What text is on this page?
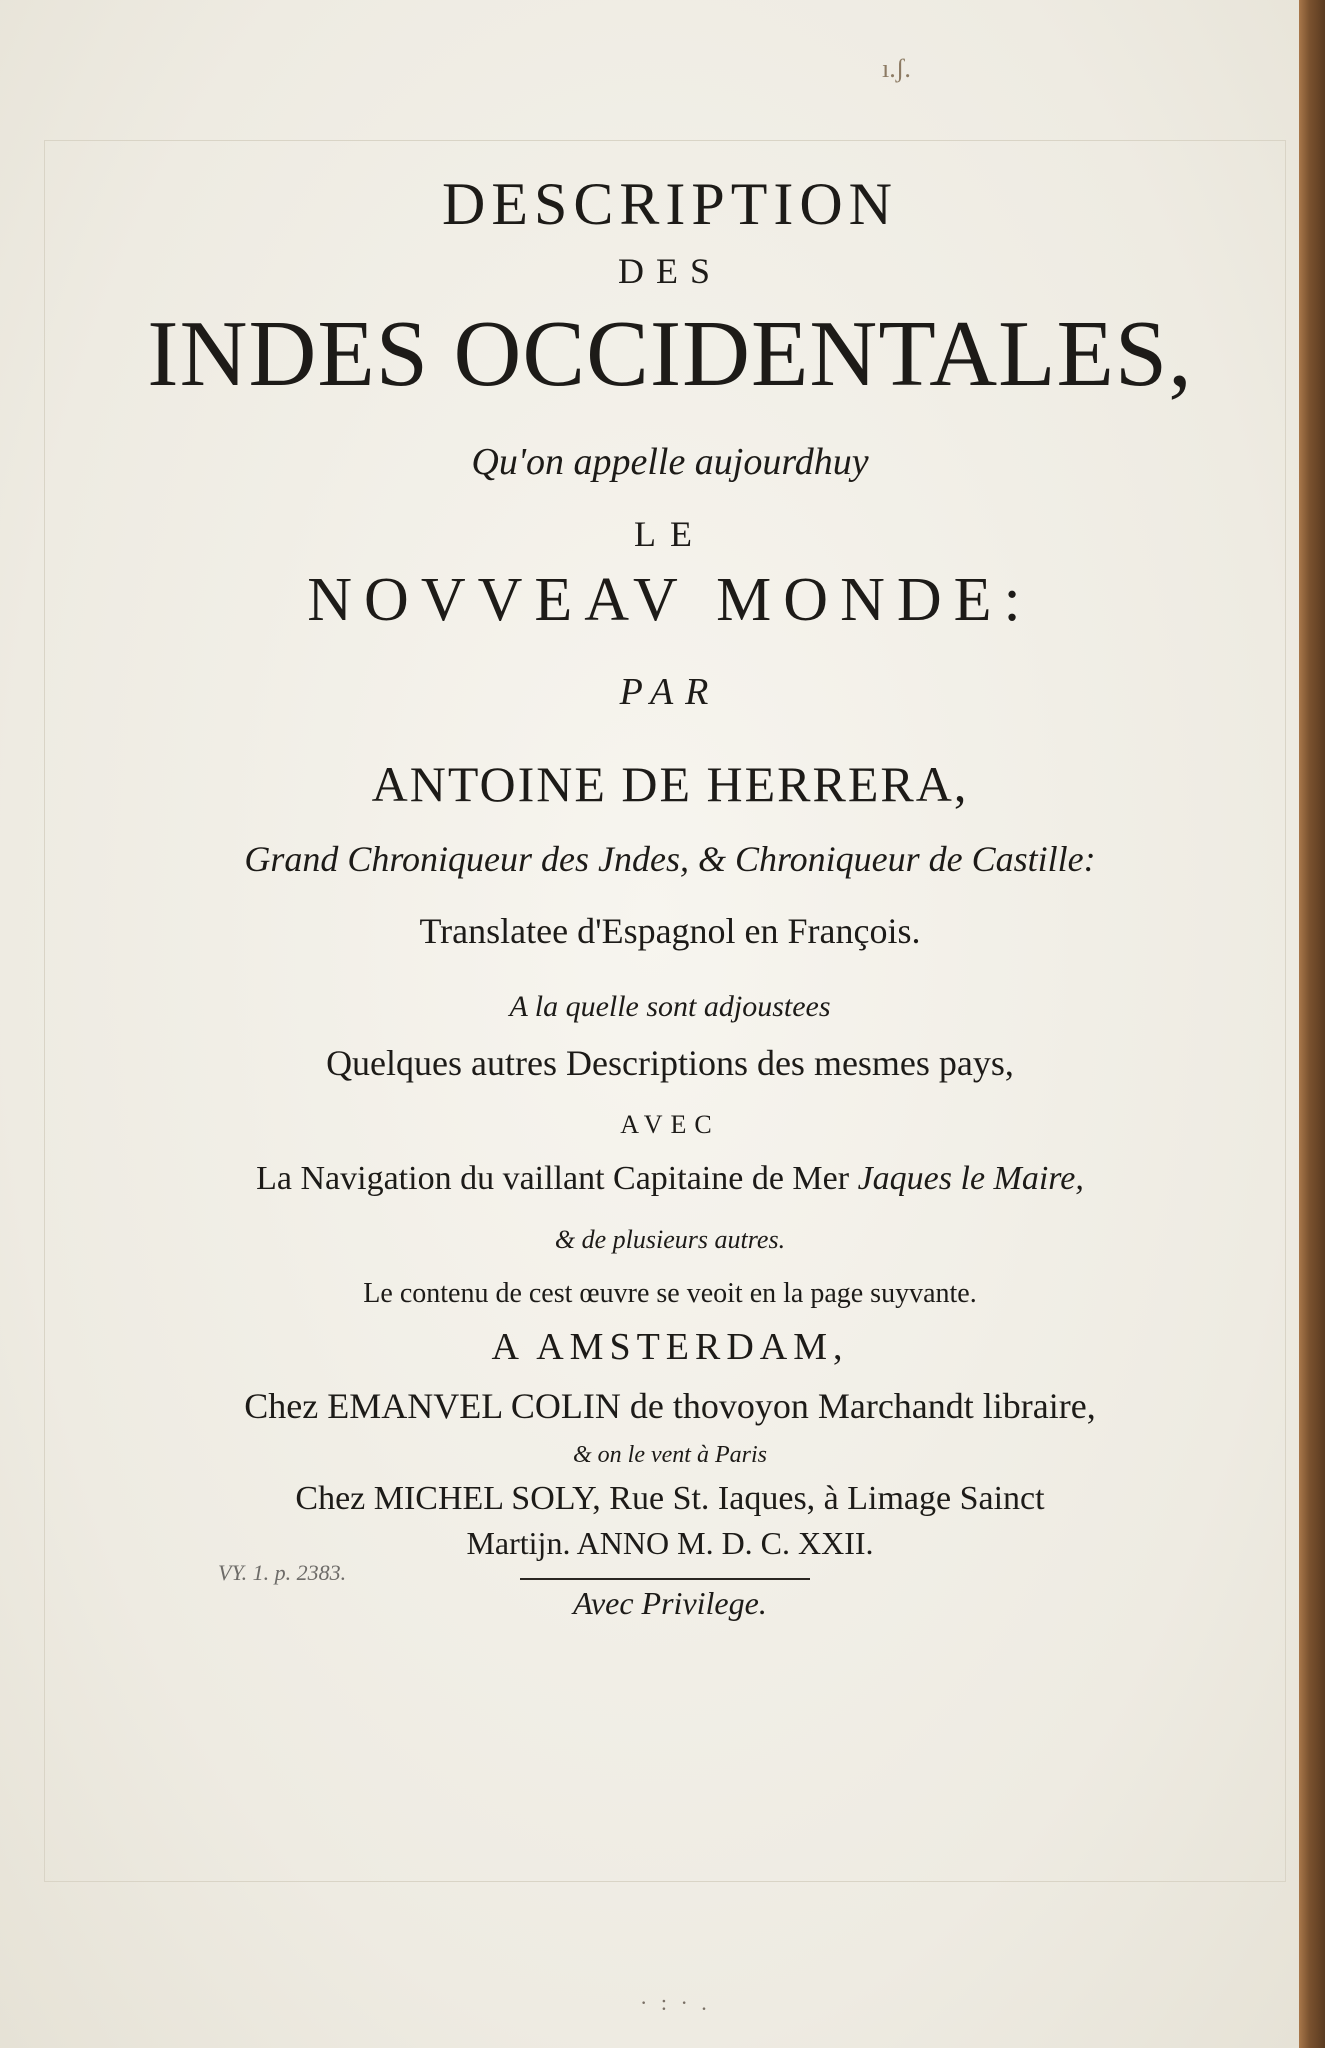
ı.ʃ.
DESCRIPTION
DES
INDES OCCIDENTALES,
Qu'on appelle aujourdhuy
LE
NOVVEAV MONDE:
PAR
ANTOINE DE HERRERA,
Grand Chroniqueur des Jndes, & Chroniqueur de Castille:
Translatee d'Espagnol en François.
A la quelle sont adjoustees
Quelques autres Descriptions des mesmes pays,
AVEC
La Navigation du vaillant Capitaine de Mer Jaques le Maire,
& de plusieurs autres.
Le contenu de cest œuvre se veoit en la page suyvante.
A AMSTERDAM,
Chez EMANVEL COLIN de thovoyon Marchandt libraire,
& on le vent à Paris
Chez MICHEL SOLY, Rue St. Iaques, à Limage Sainct
Martijn. ANNO M. D. C. XXII.
VY. 1. p. 2383.
Avec Privilege.
· : · .
